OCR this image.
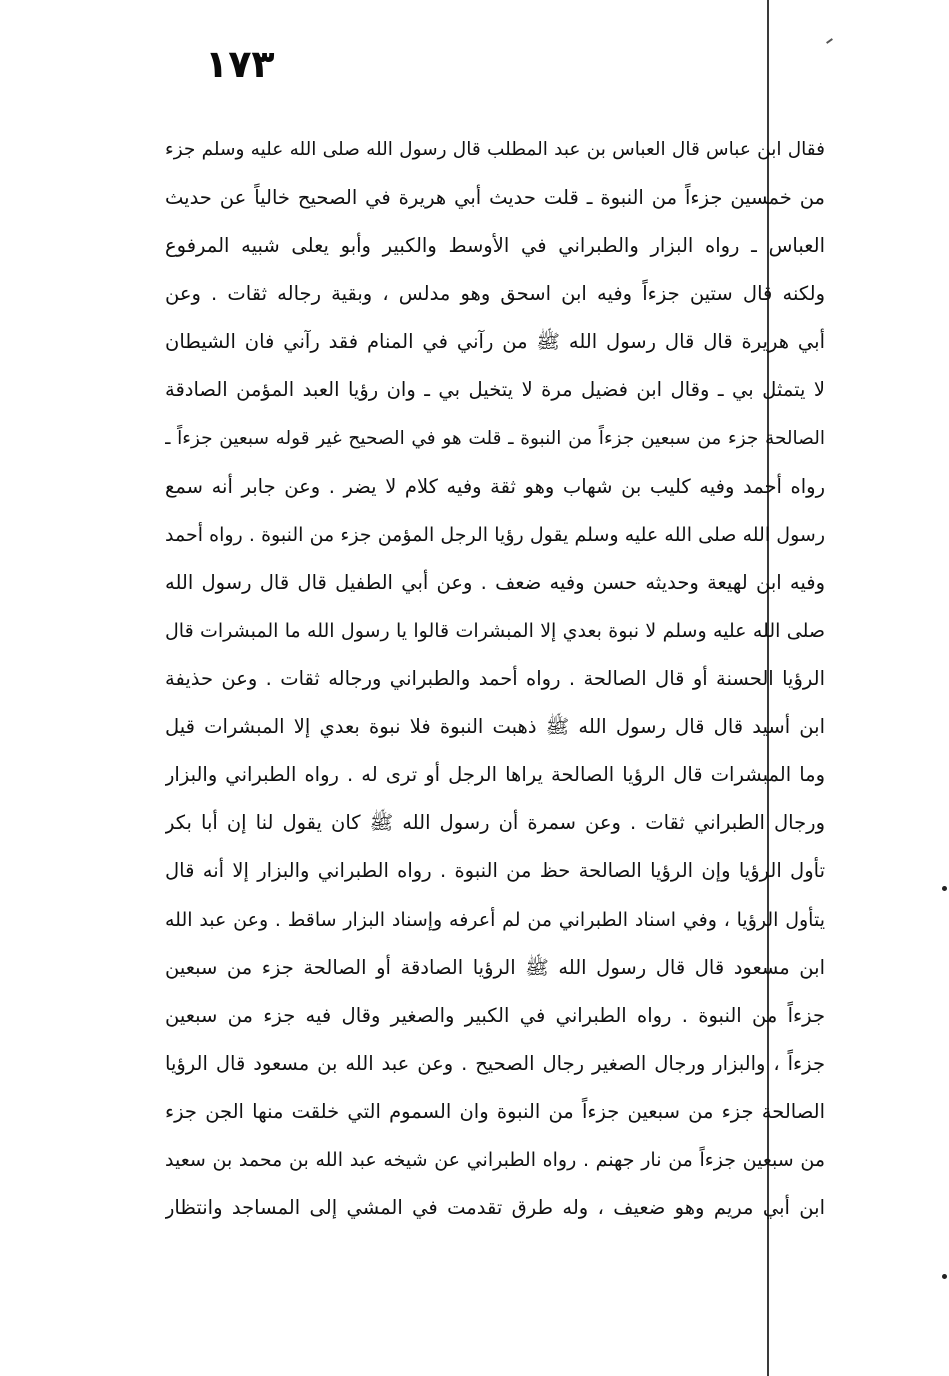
١٧٣
فقال ابن عباس قال العباس بن عبد المطلب قال رسول الله صلى الله عليه وسلم جزء
من خمسين جزءاً من النبوة ـ قلت حديث أبي هريرة في الصحيح خالياً عن حديث
العباس ـ رواه البزار والطبراني في الأوسط والكبير وأبو يعلى شبيه المرفوع
ولكنه قال ستين جزءاً وفيه ابن اسحق وهو مدلس ، وبقية رجاله ثقات . وعن
أبي هريرة قال قال رسول الله ﷺ من رآني في المنام فقد رآني فان الشيطان
لا يتمثل بي ـ وقال ابن فضيل مرة لا يتخيل بي ـ وان رؤيا العبد المؤمن الصادقة
الصالحة جزء من سبعين جزءاً من النبوة ـ قلت هو في الصحيح غير قوله سبعين جزءاً ـ
رواه أحمد وفيه كليب بن شهاب وهو ثقة وفيه كلام لا يضر . وعن جابر أنه سمع
رسول الله صلى الله عليه وسلم يقول رؤيا الرجل المؤمن جزء من النبوة . رواه أحمد
وفيه ابن لهيعة وحديثه حسن وفيه ضعف . وعن أبي الطفيل قال قال رسول الله
صلى الله عليه وسلم لا نبوة بعدي إلا المبشرات قالوا يا رسول الله ما المبشرات قال
الرؤيا الحسنة أو قال الصالحة . رواه أحمد والطبراني ورجاله ثقات . وعن حذيفة
ابن أسيد قال قال رسول الله ﷺ ذهبت النبوة فلا نبوة بعدي إلا المبشرات قيل
وما المبشرات قال الرؤيا الصالحة يراها الرجل أو ترى له . رواه الطبراني والبزار
ورجال الطبراني ثقات . وعن سمرة أن رسول الله ﷺ كان يقول لنا إن أبا بكر
تأول الرؤيا وإن الرؤيا الصالحة حظ من النبوة . رواه الطبراني والبزار إلا أنه قال
يتأول الرؤيا ، وفي اسناد الطبراني من لم أعرفه وإسناد البزار ساقط . وعن عبد الله
ابن مسعود قال قال رسول الله ﷺ الرؤيا الصادقة أو الصالحة جزء من سبعين
جزءاً من النبوة . رواه الطبراني في الكبير والصغير وقال فيه جزء من سبعين
جزءاً ، والبزار ورجال الصغير رجال الصحيح . وعن عبد الله بن مسعود قال الرؤيا
الصالحة جزء من سبعين جزءاً من النبوة وان السموم التي خلقت منها الجن جزء
من سبعين جزءاً من نار جهنم . رواه الطبراني عن شيخه عبد الله بن محمد بن سعيد
ابن أبي مريم وهو ضعيف ، وله طرق تقدمت في المشي إلى المساجد وانتظار
